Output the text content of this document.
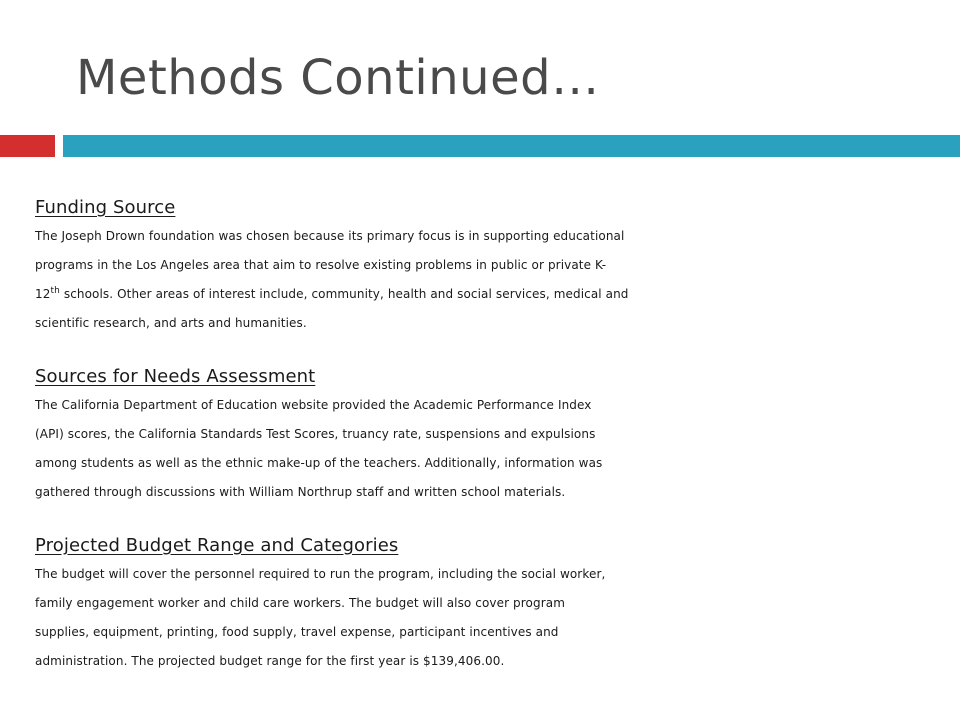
Methods Continued…
Funding Source
The Joseph Drown foundation was chosen because its primary focus is in supporting educational
programs in the Los Angeles area that aim to resolve existing problems in public or private K-
12th schools. Other areas of interest include, community, health and social services, medical and
scientific research, and arts and humanities.
Sources for Needs Assessment
The California Department of Education website provided the Academic Performance Index
(API) scores, the California Standards Test Scores, truancy rate, suspensions and expulsions
among students as well as the ethnic make-up of the teachers. Additionally, information was
gathered through discussions with William Northrup staff and written school materials.
Projected Budget Range and Categories
The budget will cover the personnel required to run the program, including the social worker,
family engagement worker and child care workers. The budget will also cover program
supplies, equipment, printing, food supply, travel expense, participant incentives and
administration. The projected budget range for the first year is $139,406.00.
